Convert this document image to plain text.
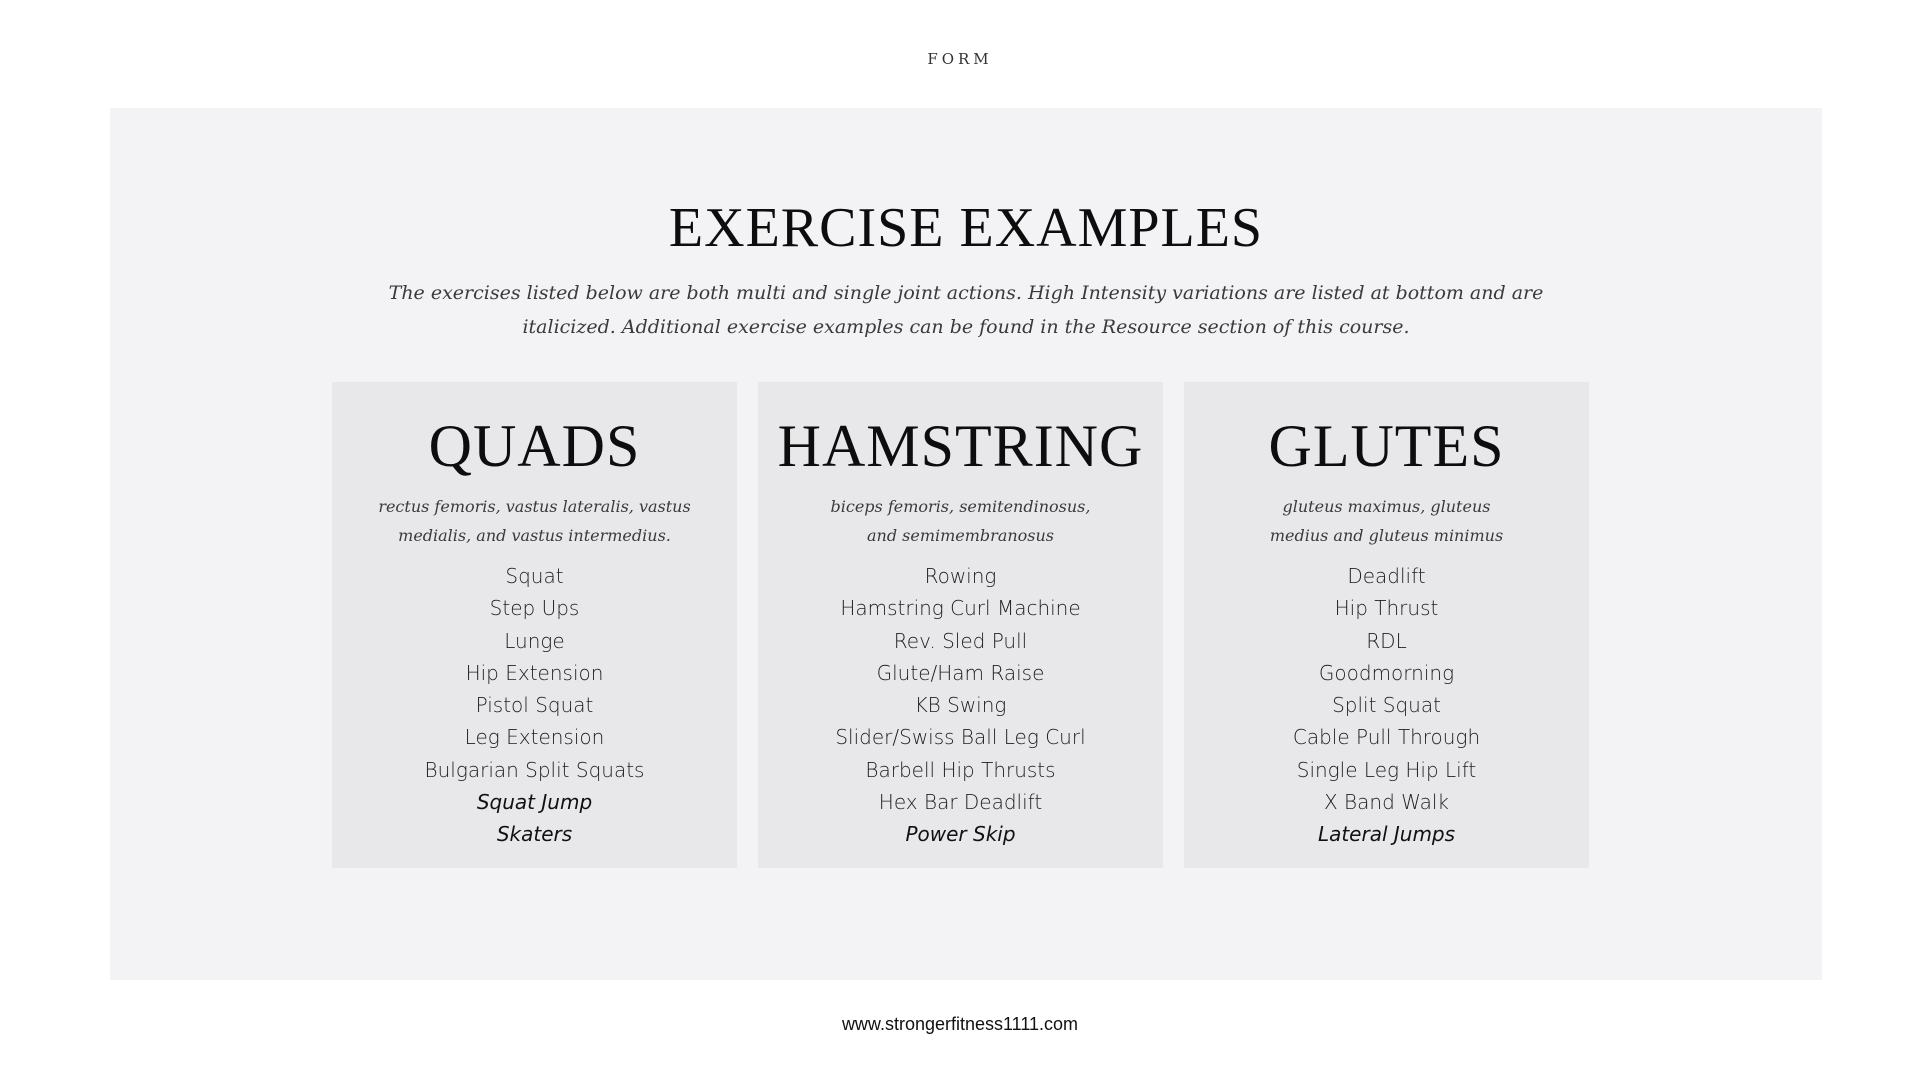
FORM
EXERCISE EXAMPLES

The exercises listed below are both multi and single joint actions. High Intensity variations are listed at bottom and are italicized. Additional exercise examples can be found in the Resource section of this course.

QUADS
rectus femoris, vastus lateralis, vastus medialis, and vastus intermedius.
Squat
Step Ups
Lunge
Hip Extension
Pistol Squat
Leg Extension
Bulgarian Split Squats
Squat Jump
Skaters
HAMSTRING
biceps femoris, semitendinosus, and semimembranosus
Rowing
Hamstring Curl Machine
Rev. Sled Pull
Glute/Ham Raise
KB Swing
Slider/Swiss Ball Leg Curl
Barbell Hip Thrusts
Hex Bar Deadlift
Power Skip
GLUTES
gluteus maximus, gluteus medius and gluteus minimus
Deadlift
Hip Thrust
RDL
Goodmorning
Split Squat
Cable Pull Through
Single Leg Hip Lift
X Band Walk
Lateral Jumps
www.strongerfitness1111.com
